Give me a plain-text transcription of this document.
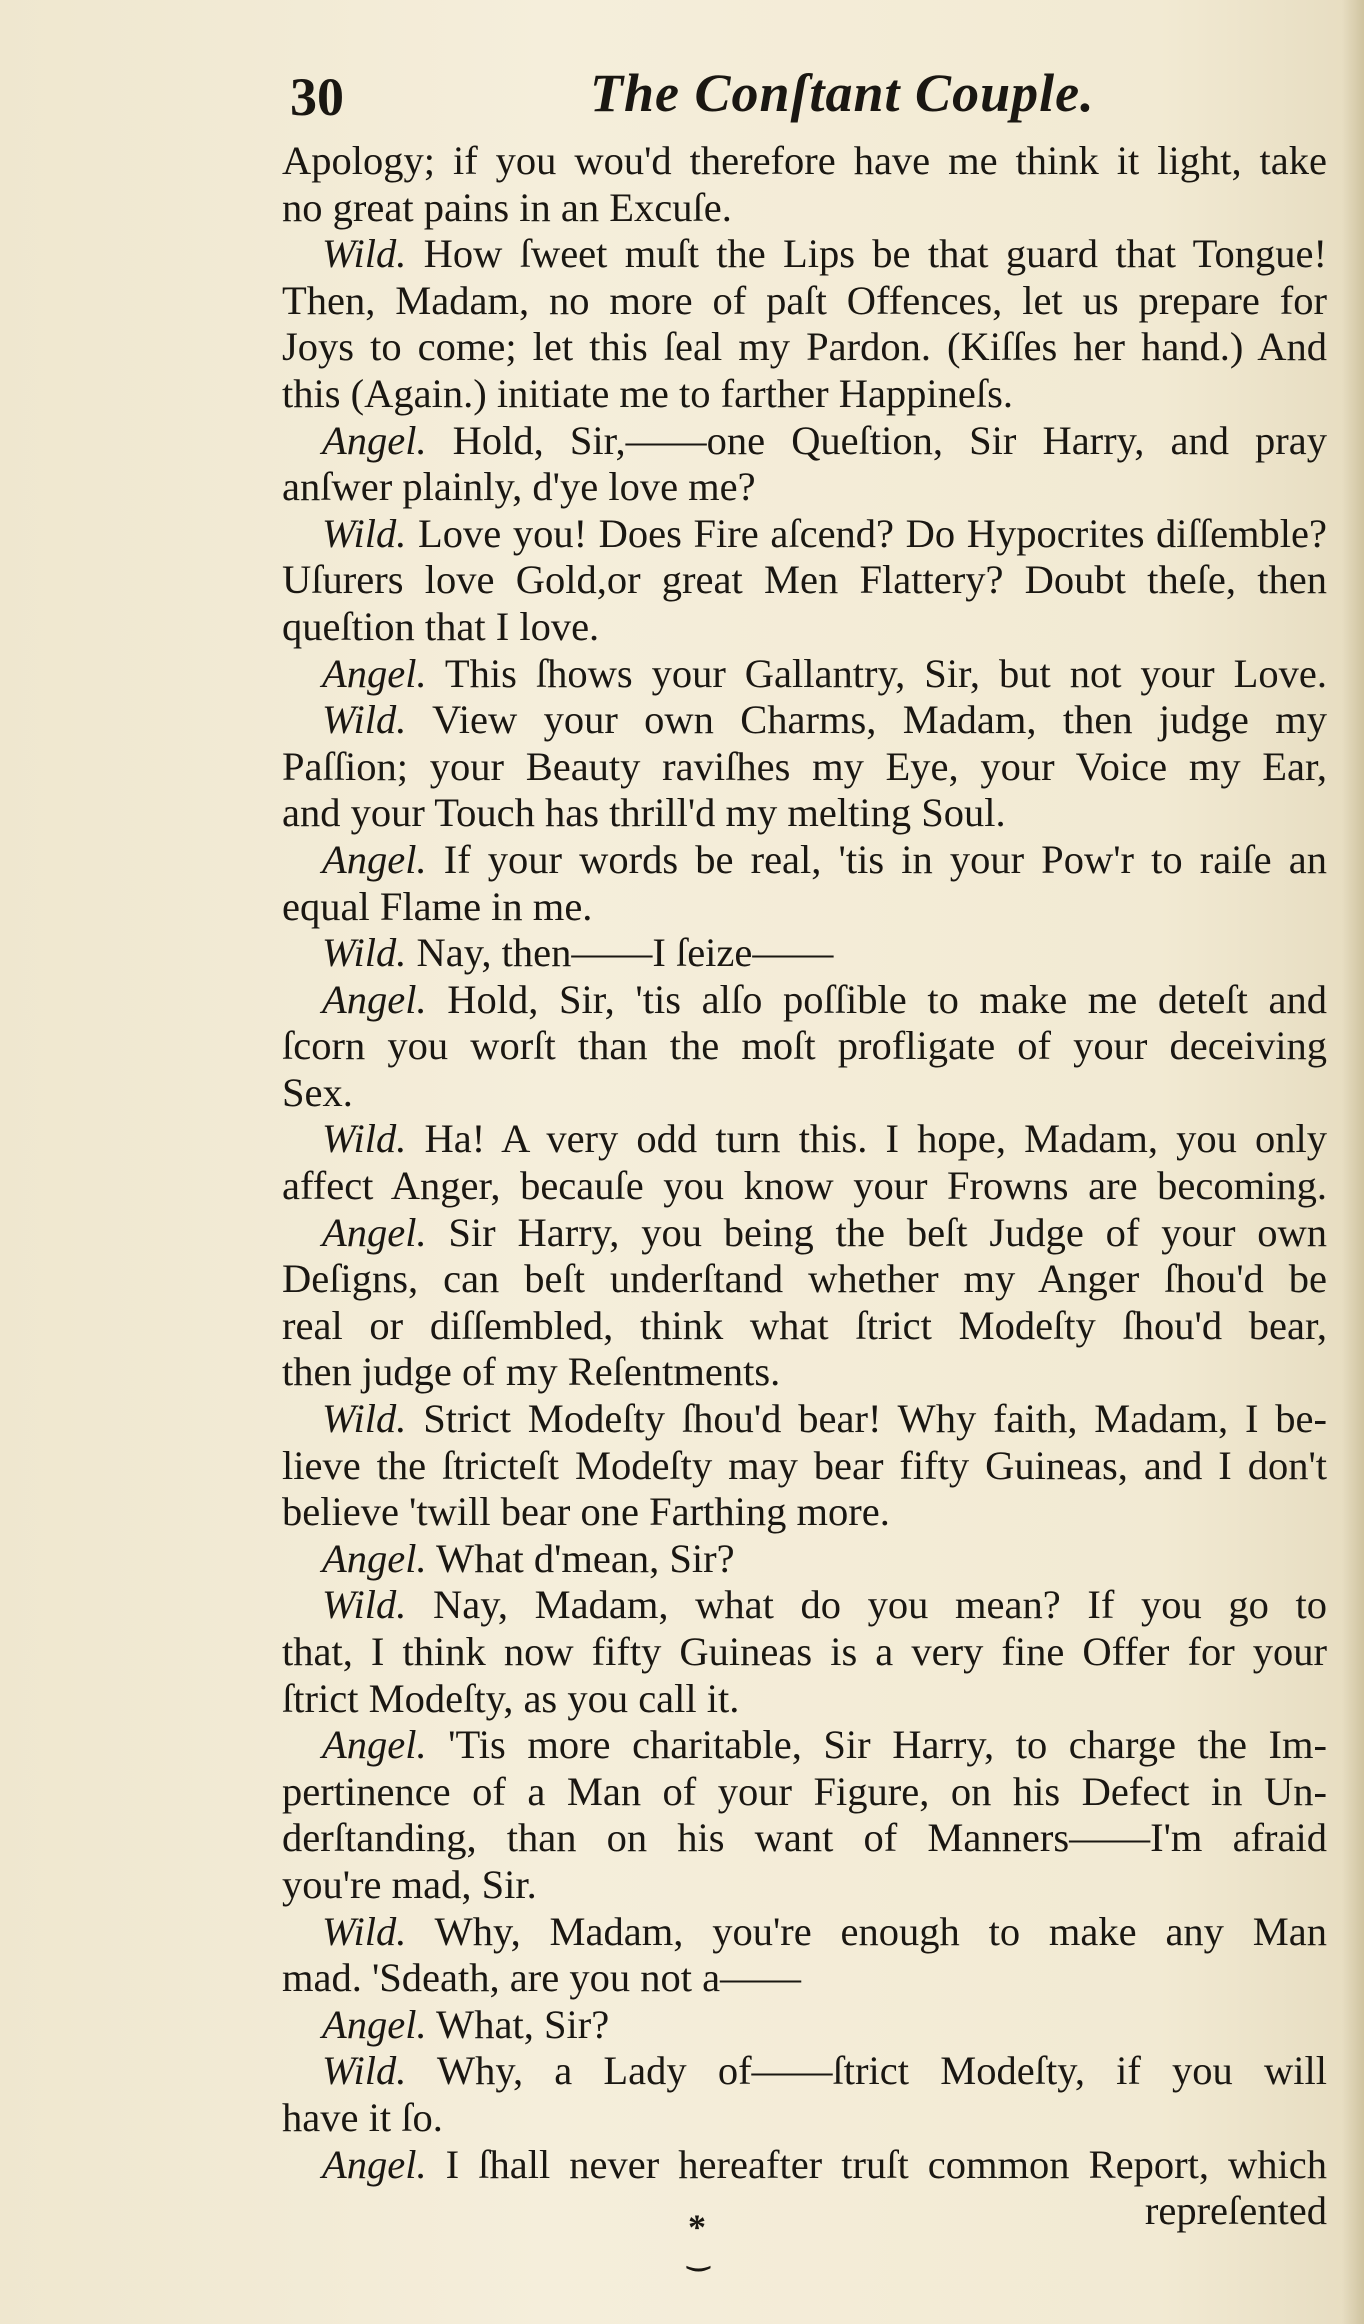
30	The Conſtant Couple.
Apology; if you wou'd therefore have me think it light, take
no great pains in an Excuſe.
Wild. How ſweet muſt the Lips be that guard that Tongue!
Then, Madam, no more of paſt Offences, let us prepare for
Joys to come; let this ſeal my Pardon. (Kiſſes her hand.) And
this (Again.) initiate me to farther Happineſs.
Angel. Hold, Sir,——one Queſtion, Sir Harry, and pray
anſwer plainly, d'ye love me?
Wild. Love you! Does Fire aſcend? Do Hypocrites diſſemble?
Uſurers love Gold,or great Men Flattery? Doubt theſe, then
queſtion that I love.
Angel. This ſhows your Gallantry, Sir, but not your Love.
Wild. View your own Charms, Madam, then judge my
Paſſion; your Beauty raviſhes my Eye, your Voice my Ear,
and your Touch has thrill'd my melting Soul.
Angel. If your words be real, 'tis in your Pow'r to raiſe an
equal Flame in me.
Wild. Nay, then——I ſeize——
Angel. Hold, Sir, 'tis alſo poſſible to make me deteſt and
ſcorn you worſt than the moſt profligate of your deceiving
Sex.
Wild. Ha! A very odd turn this. I hope, Madam, you only
affect Anger, becauſe you know your Frowns are becoming.
Angel. Sir Harry, you being the beſt Judge of your own
Deſigns, can beſt underſtand whether my Anger ſhou'd be
real or diſſembled, think what ſtrict Modeſty ſhou'd bear,
then judge of my Reſentments.
Wild. Strict Modeſty ſhou'd bear! Why faith, Madam, I be-
lieve the ſtricteſt Modeſty may bear fifty Guineas, and I don't
believe 'twill bear one Farthing more.
Angel. What d'mean, Sir?
Wild. Nay, Madam, what do you mean? If you go to
that, I think now fifty Guineas is a very fine Offer for your
ſtrict Modeſty, as you call it.
Angel. 'Tis more charitable, Sir Harry, to charge the Im-
pertinence of a Man of your Figure, on his Defect in Un-
derſtanding, than on his want of Manners——I'm afraid
you're mad, Sir.
Wild. Why, Madam, you're enough to make any Man
mad. 'Sdeath, are you not a——
Angel. What, Sir?
Wild. Why, a Lady of——ſtrict Modeſty, if you will
have it ſo.
Angel. I ſhall never hereafter truſt common Report, which
repreſented
*
‿
